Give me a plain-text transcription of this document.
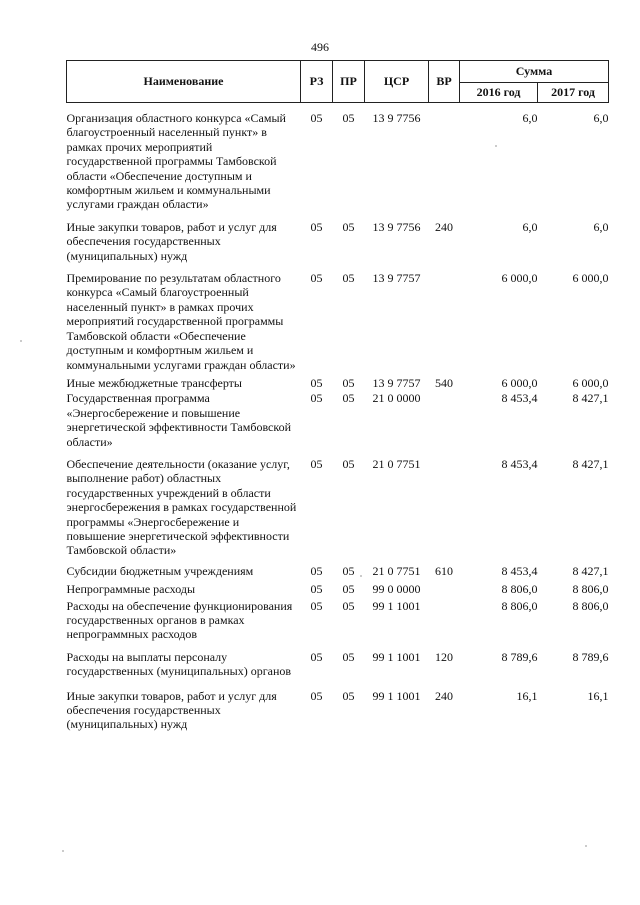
496
Наименование	РЗ	ПР	ЦСР	ВР	Сумма	
					2016 год	2017 год

Организация областного конкурса «Самый благоустроенный населенный пункт» в рамках прочих мероприятий государственной программы Тамбовской области «Обеспечение доступным и комфортным жильем и коммунальными услугами граждан области»	05	05	13 9 7756		6,0	6,0

Иные закупки товаров, работ и услуг для обеспечения государственных (муниципальных) нужд	05	05	13 9 7756	240	6,0	6,0

Премирование по результатам областного конкурса «Самый благоустроенный населенный пункт» в рамках прочих мероприятий государственной программы Тамбовской области «Обеспечение доступным и комфортным жильем и коммунальными услугами граждан области»	05	05	13 9 7757		6 000,0	6 000,0

Иные межбюджетные трансферты	05	05	13 9 7757	540	6 000,0	6 000,0

Государственная программа «Энергосбережение и повышение энергетической эффективности Тамбовской области»	05	05	21 0 0000		8 453,4	8 427,1

Обеспечение деятельности (оказание услуг, выполнение работ) областных государственных учреждений в области энергосбережения в рамках государственной программы «Энергосбережение и повышение энергетической эффективности Тамбовской области»	05	05	21 0 7751		8 453,4	8 427,1

Субсидии бюджетным учреждениям	05	05	21 0 7751	610	8 453,4	8 427,1

Непрограммные расходы	05	05	99 0 0000		8 806,0	8 806,0

Расходы на обеспечение функционирования государственных органов в рамках непрограммных расходов	05	05	99 1 1001		8 806,0	8 806,0

Расходы на выплаты персоналу государственных (муниципальных) органов	05	05	99 1 1001	120	8 789,6	8 789,6

Иные закупки товаров, работ и услуг для обеспечения государственных (муниципальных) нужд	05	05	99 1 1001	240	16,1	16,1
